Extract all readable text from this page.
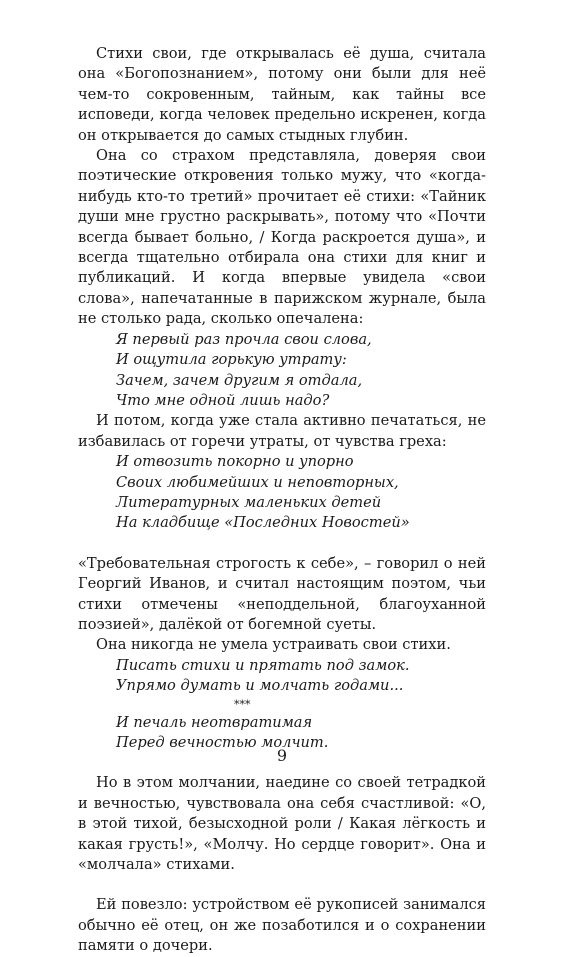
Стихи свои, где открывалась её душа, считала она «Богопознанием», потому они были для неё чем-то сокровенным, тайным, как тайны все исповеди, когда человек предельно искренен, когда он открывается до самых стыдных глубин.

Она со страхом представляла, доверяя свои поэтические откровения только мужу, что «когда-нибудь кто-то третий» прочитает её стихи: «Тайник души мне грустно раскрывать», потому что «Почти всегда бывает больно, / Когда раскроется душа», и всегда тщательно отбирала она стихи для книг и публикаций. И когда впервые увидела «свои слова», напечатанные в парижском журнале, была не столько рада, сколько опечалена:

Я первый раз прочла свои слова,
И ощутила горькую утрату:
Зачем, зачем другим я отдала,
Что мне одной лишь надо?

И потом, когда уже стала активно печататься, не избавилась от горечи утраты, от чувства греха:

И отвозить покорно и упорно
Своих любимейших и неповторных,
Литературных маленьких детей
На кладбище «Последних Новостей»

«Требовательная строгость к себе», – говорил о ней Георгий Иванов, и считал настоящим поэтом, чьи стихи отмечены «неподдельной, благоуханной поэзией», далёкой от богемной суеты.

Она никогда не умела устраивать свои стихи.

Писать стихи и прятать под замок.
Упрямо думать и молчать годами...
***
И печаль неотвратимая
Перед вечностью молчит.

Но в этом молчании, наедине со своей тетрадкой и вечностью, чувствовала она себя счастливой: «О, в этой тихой, безысходной роли / Какая лёгкость и какая грусть!», «Молчу. Но сердце говорит». Она и «молчала» стихами.

Ей повезло: устройством её рукописей занимался обычно её отец, он же позаботился и о сохранении памяти о дочери.

9
